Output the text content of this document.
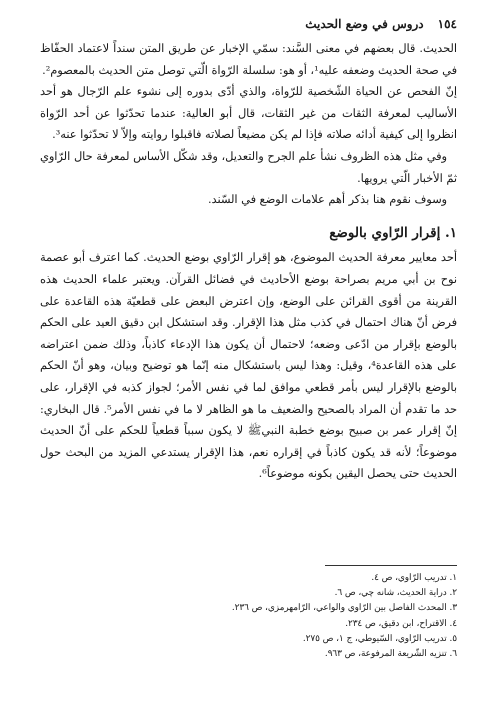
١٥٤
دروس في وضع الحديث

الحديث. قال بعضهم في معنى السَّند: سمّي الإخبار عن طريق المتن سنداً لاعتماد الحفّاظ في صحة الحديث وضعفه عليه¹، أو هو: سلسلة الرّواة الّتي توصل متن الحديث بالمعصوم².

إنّ الفحص عن الحياة الشّخصية للرّواة، والذي أدّى بدوره إلى نشوء علم الرّجال هو أحد الأساليب لمعرفة الثقات من غير الثقات، قال أبو العالية: عندما تحدّثوا عن أحد الرّواة انظروا إلى كيفية أدائه صلاته فإذا لم يكن مضيعاً لصلاته فاقبلوا روايته وإلاّ لا تحدّثوا عنه³.

وفي مثل هذه الظروف نشأ علم الجرح والتعديل، وقد شكّل الأساس لمعرفة حال الرّاوي ثمّ الأخبار الّتي يرويها.

وسوف نقوم هنا بذكر أهم علامات الوضع في السّند.

١. إقرار الرّاوي بالوضع

أحد معايير معرفة الحديث الموضوع، هو إقرار الرّاوي بوضع الحديث. كما اعترف أبو عصمة نوح بن أبي مريم بصراحة بوضع الأحاديث في فضائل القرآن. ويعتبر علماء الحديث هذه القرينة من أقوى القرائن على الوضع، وإن اعترض البعض على قطعيّة هذه القاعدة على فرض أنّ هناك احتمال في كذب مثل هذا الإقرار. وقد استشكل ابن دقيق العيد على الحكم بالوضع بإقرار من ادّعى وضعه؛ لاحتمال أن يكون هذا الإدعاء كاذباً، وذلك ضمن اعتراضه على هذه القاعدة⁴، وقيل: وهذا ليس باستشكال منه إنّما هو توضيح وبيان، وهو أنّ الحكم بالوضع بالإقرار ليس بأمر قطعي موافق لما في نفس الأمر؛ لجواز كذبه في الإقرار، على حد ما تقدم أن المراد بالصحيح والضعيف ما هو الظاهر لا ما في نفس الأمر⁵. قال البخاري: إنّ إقرار عمر بن صبيح بوضع خطبة النبيﷺ لا يكون سبباً قطعياً للحكم على أنّ الحديث موضوعاً؛ لأنه قد يكون كاذباً في إقراره نعم، هذا الإقرار يستدعي المزيد من البحث حول الحديث حتى يحصل اليقين بكونه موضوعاً⁶.

١. تدريب الرّاوي، ص ٤.
٢. دراية الحديث، شانه چي، ص ٦.
٣. المحدث الفاصل بين الرّاوي والواعي، الرّامهرمزي، ص ٢٣٦.
٤. الاقتراح، ابن دقيق، ص ٢٣٤.
٥. تدريب الرّاوي، السّيوطي، ج ١، ص ٢٧٥.
٦. تنزيه الشّريعة المرفوعة، ص ٩٦٣.
